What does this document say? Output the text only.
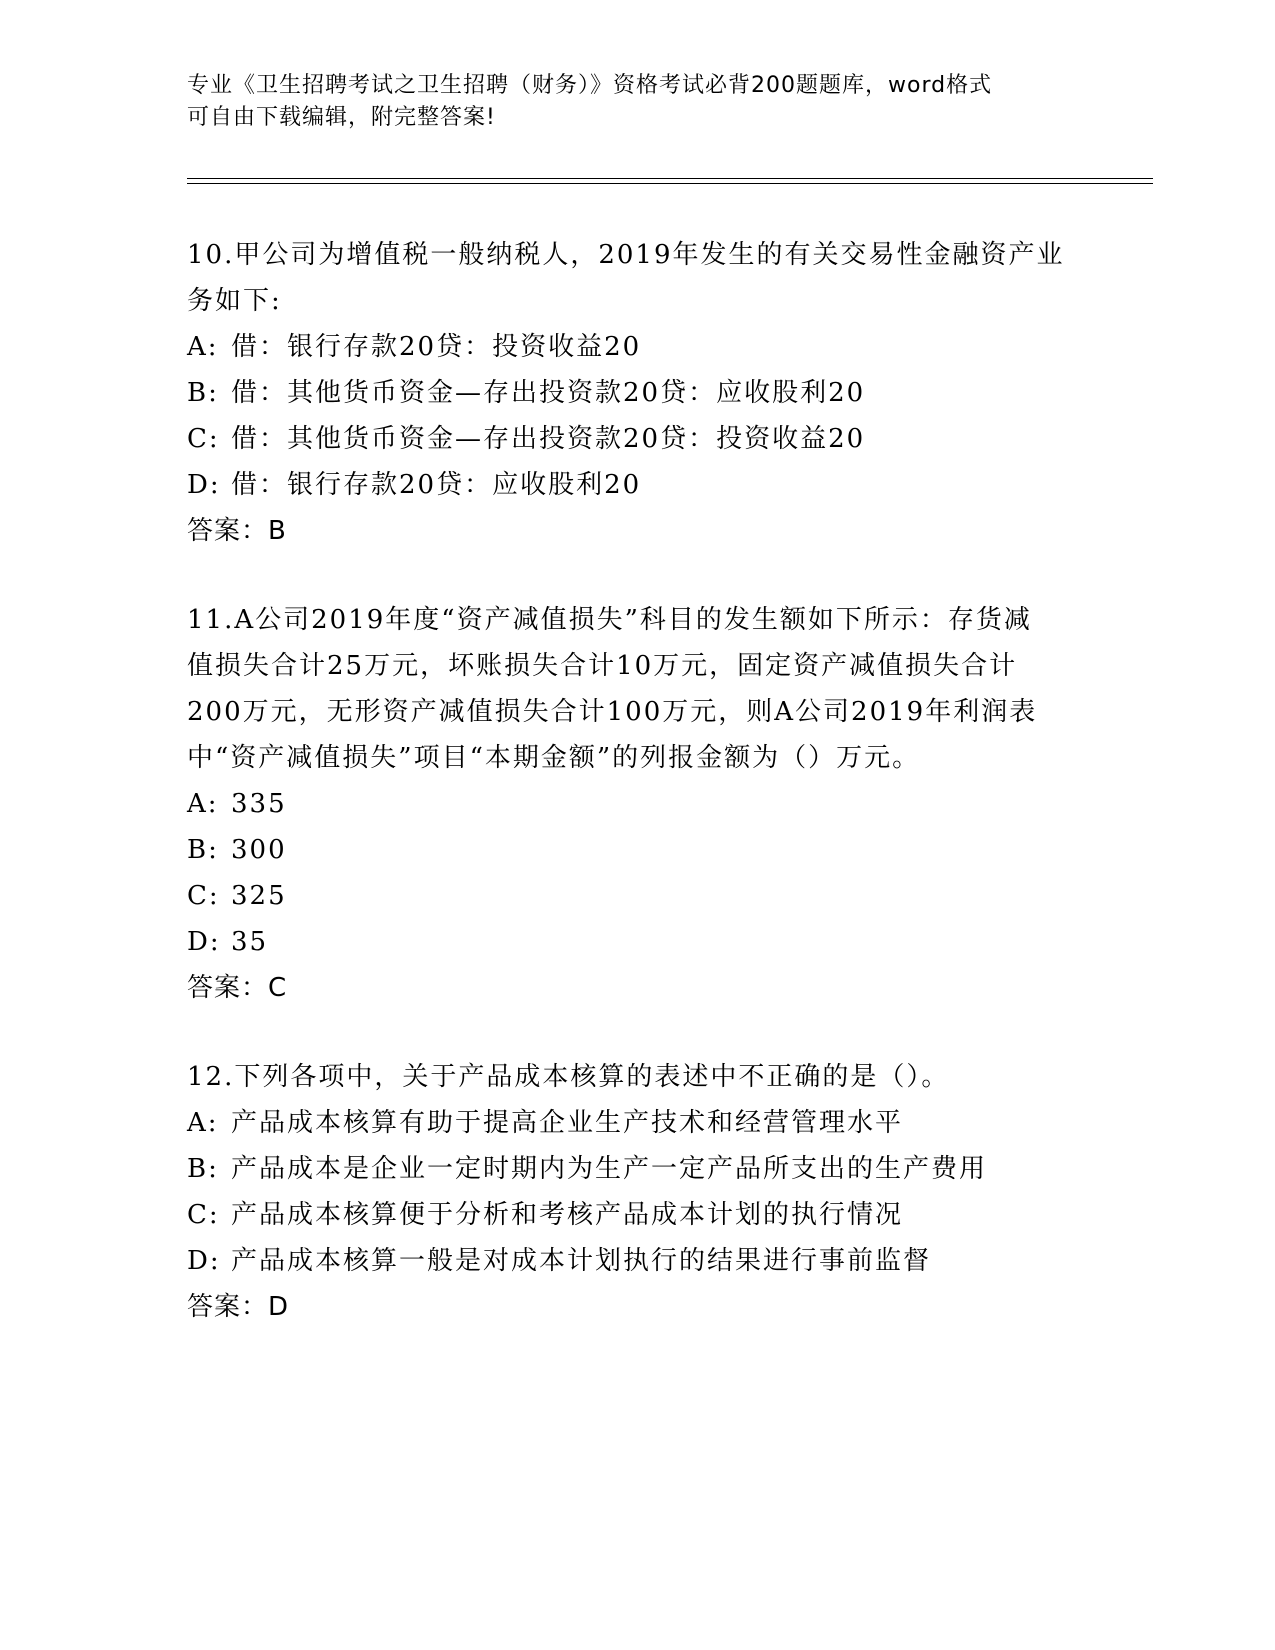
专业《卫生招聘考试之卫生招聘（财务）》资格考试必背200题题库，word格式
可自由下载编辑，附完整答案!
10.甲公司为增值税一般纳税人，2019年发生的有关交易性金融资产业
务如下:
A: 借：银行存款20贷：投资收益20
B: 借：其他货币资金—存出投资款20贷：应收股利20
C: 借：其他货币资金—存出投资款20贷：投资收益20
D: 借：银行存款20贷：应收股利20
答案：B
11.A公司2019年度“资产减值损失”科目的发生额如下所示：存货减
值损失合计25万元，坏账损失合计10万元，固定资产减值损失合计
200万元，无形资产减值损失合计100万元，则A公司2019年利润表
中“资产减值损失”项目“本期金额”的列报金额为（）万元。
A: 335
B: 300
C: 325
D: 35
答案：C
12.下列各项中，关于产品成本核算的表述中不正确的是（）。
A: 产品成本核算有助于提高企业生产技术和经营管理水平
B: 产品成本是企业一定时期内为生产一定产品所支出的生产费用
C: 产品成本核算便于分析和考核产品成本计划的执行情况
D: 产品成本核算一般是对成本计划执行的结果进行事前监督
答案：D
